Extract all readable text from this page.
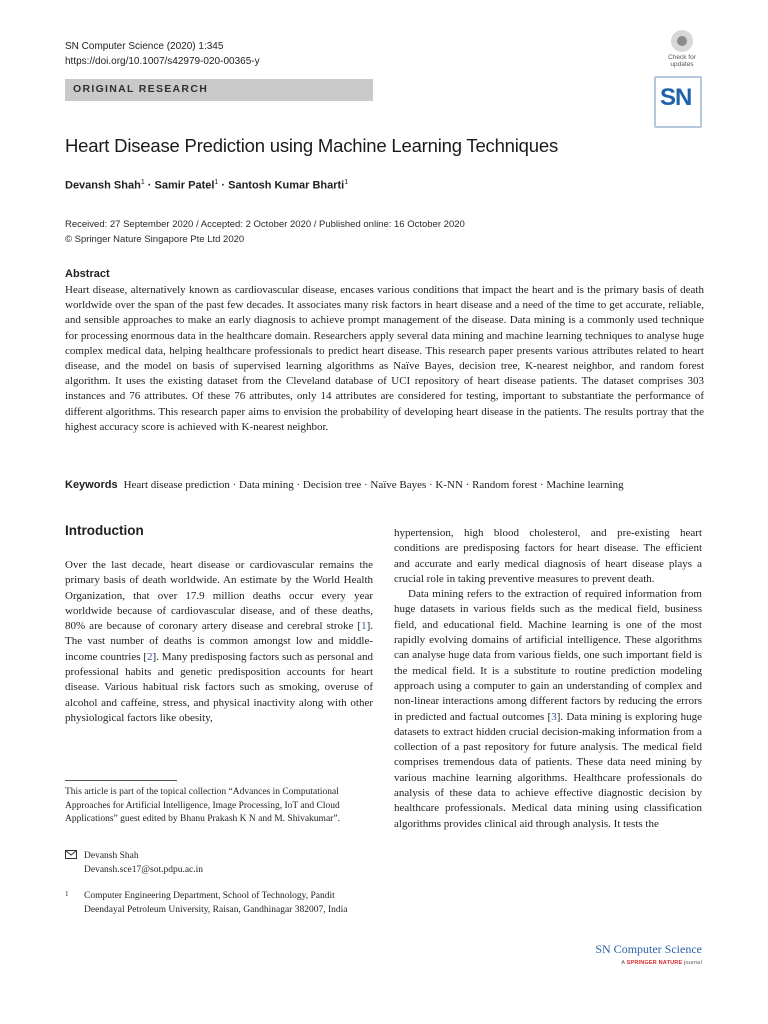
SN Computer Science (2020) 1:345
https://doi.org/10.1007/s42979-020-00365-y
ORIGINAL RESEARCH
Check for
updates
SN
Heart Disease Prediction using Machine Learning Techniques
Devansh Shah$^1$ · Samir Patel$^1$ · Santosh Kumar Bharti$^1$
Received: 27 September 2020 / Accepted: 2 October 2020 / Published online: 16 October 2020
© Springer Nature Singapore Pte Ltd 2020
Abstract
Heart disease, alternatively known as cardiovascular disease, encases various conditions that impact the heart and is the primary basis of death worldwide over the span of the past few decades. It associates many risk factors in heart disease and a need of the time to get accurate, reliable, and sensible approaches to make an early diagnosis to achieve prompt management of the disease. Data mining is a commonly used technique for processing enormous data in the healthcare domain. Researchers apply several data mining and machine learning techniques to analyse huge complex medical data, helping healthcare professionals to predict heart disease. This research paper presents various attributes related to heart disease, and the model on basis of supervised learning algorithms as Naïve Bayes, decision tree, K-nearest neighbor, and random forest algorithm. It uses the existing dataset from the Cleveland database of UCI repository of heart disease patients. The dataset comprises 303 instances and 76 attributes. Of these 76 attributes, only 14 attributes are considered for testing, important to substantiate the performance of different algorithms. This research paper aims to envision the probability of developing heart disease in the patients. The results portray that the highest accuracy score is achieved with K-nearest neighbor.
Keywords Heart disease prediction · Data mining · Decision tree · Naïve Bayes · K-NN · Random forest · Machine learning
Introduction

Over the last decade, heart disease or cardiovascular remains the primary basis of death worldwide. An estimate by the World Health Organization, that over 17.9 million deaths occur every year worldwide because of cardiovascular disease, and of these deaths, 80% are because of coronary artery disease and cerebral stroke [1]. The vast number of deaths is common amongst low and middle-income countries [2]. Many predisposing factors such as personal and professional habits and genetic predisposition accounts for heart disease. Various habitual risk factors such as smoking, overuse of alcohol and caffeine, stress, and physical inactivity along with other physiological factors like obesity,

hypertension, high blood cholesterol, and pre-existing heart conditions are predisposing factors for heart disease. The efficient and accurate and early medical diagnosis of heart disease plays a crucial role in taking preventive measures to prevent death.

Data mining refers to the extraction of required information from huge datasets in various fields such as the medical field, business field, and educational field. Machine learning is one of the most rapidly evolving domains of artificial intelligence. These algorithms can analyse huge data from various fields, one such important field is the medical field. It is a substitute to routine prediction modeling approach using a computer to gain an understanding of complex and non-linear interactions among different factors by reducing the errors in predicted and factual outcomes [3]. Data mining is exploring huge datasets to extract hidden crucial decision-making information from a collection of a past repository for future analysis. The medical field comprises tremendous data of patients. These data need mining by various machine learning algorithms. Healthcare professionals do analysis of these data to achieve effective diagnostic decision by healthcare professionals. Medical data mining using classification algorithms provides clinical aid through analysis. It tests the

This article is part of the topical collection “Advances in Computational Approaches for Artificial Intelligence, Image Processing, IoT and Cloud Applications” guest edited by Bhanu Prakash K N and M. Shivakumar”.
Devansh Shah
Devansh.sce17@sot.pdpu.ac.in
1 Computer Engineering Department, School of Technology, Pandit Deendayal Petroleum University, Raisan, Gandhinagar 382007, India
SN Computer Science
A SPRINGER NATURE journal
